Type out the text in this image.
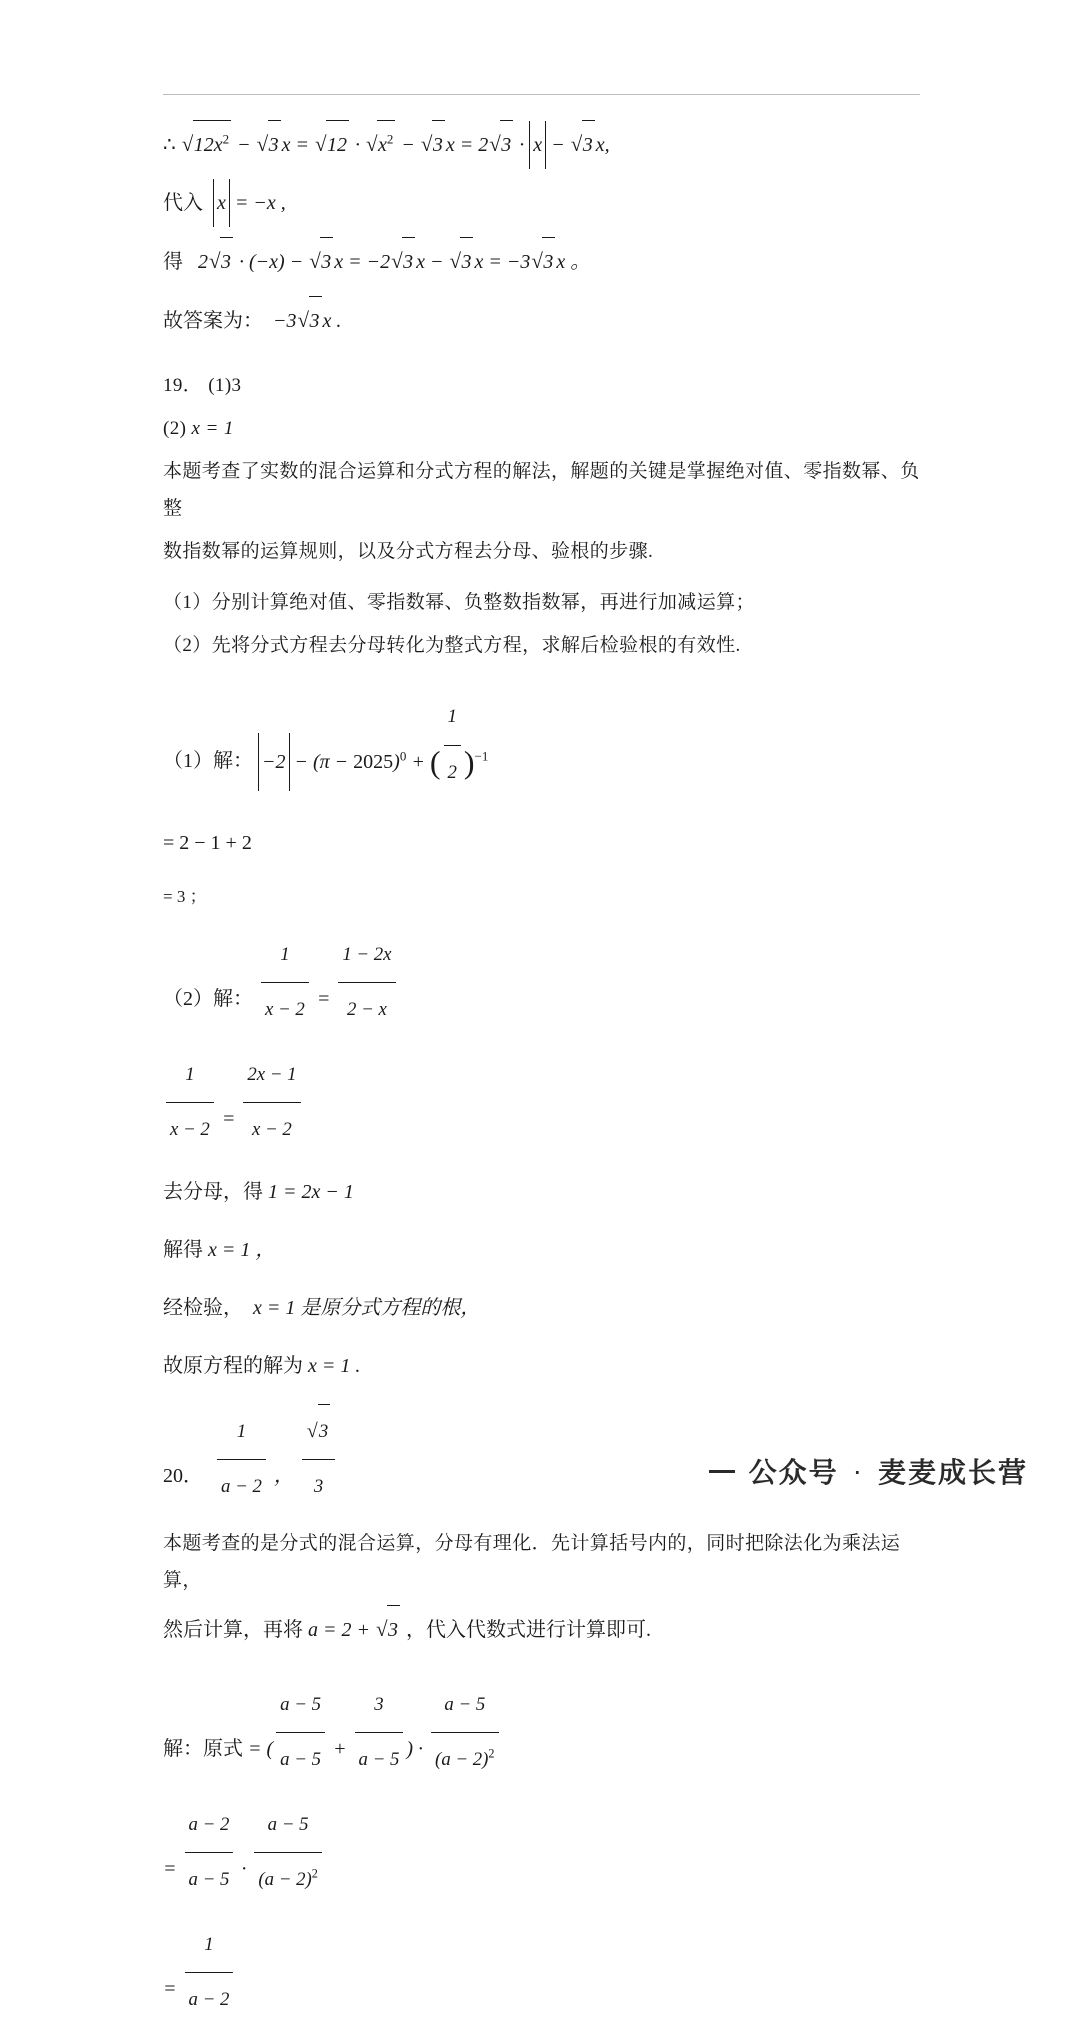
∴ √ $12x^2$ − √ 3 x = √ 12 · √ $x^2$ − √ 3 x = 2 √ 3 · x − √ 3 x,
代入 x = −x ,
得   2 √ 3 · (−x) − √ 3 x = −2 √ 3 x − √ 3 x = −3 √ 3 x 。
故答案为： −3 √ 3 x .
19． (1)3
(2) x = 1
本题考查了实数的混合运算和分式方程的解法，解题的关键是掌握绝对值、零指数幂、负整
数指数幂的运算规则，以及分式方程去分母、验根的步骤.
（1）分别计算绝对值、零指数幂、负整数指数幂，再进行加减运算；
（2）先将分式方程去分母转化为整式方程，求解后检验根的有效性.
（1）解： $-2 - (\pi - 2025)^0$ + ( $\frac{1}{2} )^{-1}$
= 2 − 1 + 2
= 3 ；
（2）解： $\frac{1}{x - 2} = \frac{1 - 2x}{2 - x}$
$\frac{1}{x - 2} = \frac{2x - 1}{x - 2}$
去分母，得 1 = 2x − 1
解得 x = 1 ，
经检验， x = 1 是原分式方程的根，
故原方程的解为 x = 1 .
20． $\frac{1}{a - 2}$ ， √ $\frac{3}{3}$
本题考查的是分式的混合运算，分母有理化．先计算括号内的，同时把除法化为乘法运算，
然后计算，再将 a = 2 + √ 3 ，代入代数式进行计算即可.
解：原式 = ( $\frac{a - 5}{a - 5} + \frac{3}{a - 5}$ ) · $\frac{a - 5}{(a - 2)^2}$
= $\frac{a - 2}{a - 5} \cdot \frac{a - 5}{(a - 2)^2}$
= $\frac{1}{a - 2}$
公众号 · 麦麦成长营
